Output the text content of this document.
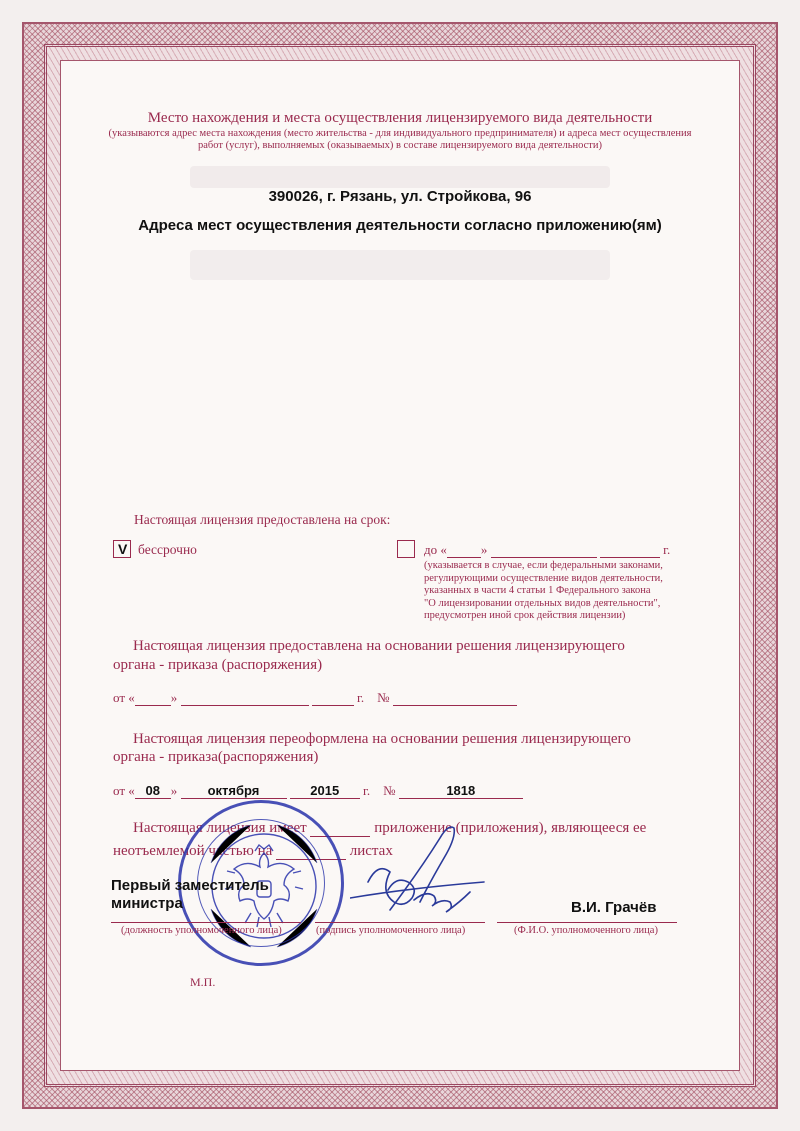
Место нахождения и места осуществления лицензируемого вида деятельности
(указываются адрес места нахождения (место жительства - для индивидуального предпринимателя) и адреса мест осуществления
работ (услуг), выполняемых (оказываемых) в составе лицензируемого вида деятельности)
390026, г. Рязань, ул. Стройкова, 96
Адреса мест осуществления деятельности согласно приложению(ям)
Настоящая лицензия предоставлена на срок:
V бессрочно	до «	»	г.
(указывается в случае, если федеральными законами,
регулирующими осуществление видов деятельности,
указанных в части 4 статьи 1 Федерального закона
"О лицензировании отдельных видов деятельности",
предусмотрен иной срок действия лицензии)
Настоящая лицензия предоставлена на основании решения лицензирующего
органа - приказа (распоряжения)
от «	»	г. №
Настоящая лицензия переоформлена на основании решения лицензирующего
органа - приказа(распоряжения)
от « 08 » октября	2015 г. №	1818
Настоящая лицензия имеет	приложение (приложения), являющееся ее
неотъемлемой частью на	листах
Первый заместитель
министра	В.И. Грачёв
(должность уполномоченного лица)	(подпись уполномоченного лица)	(Ф.И.О. уполномоченного лица)
М.П.
